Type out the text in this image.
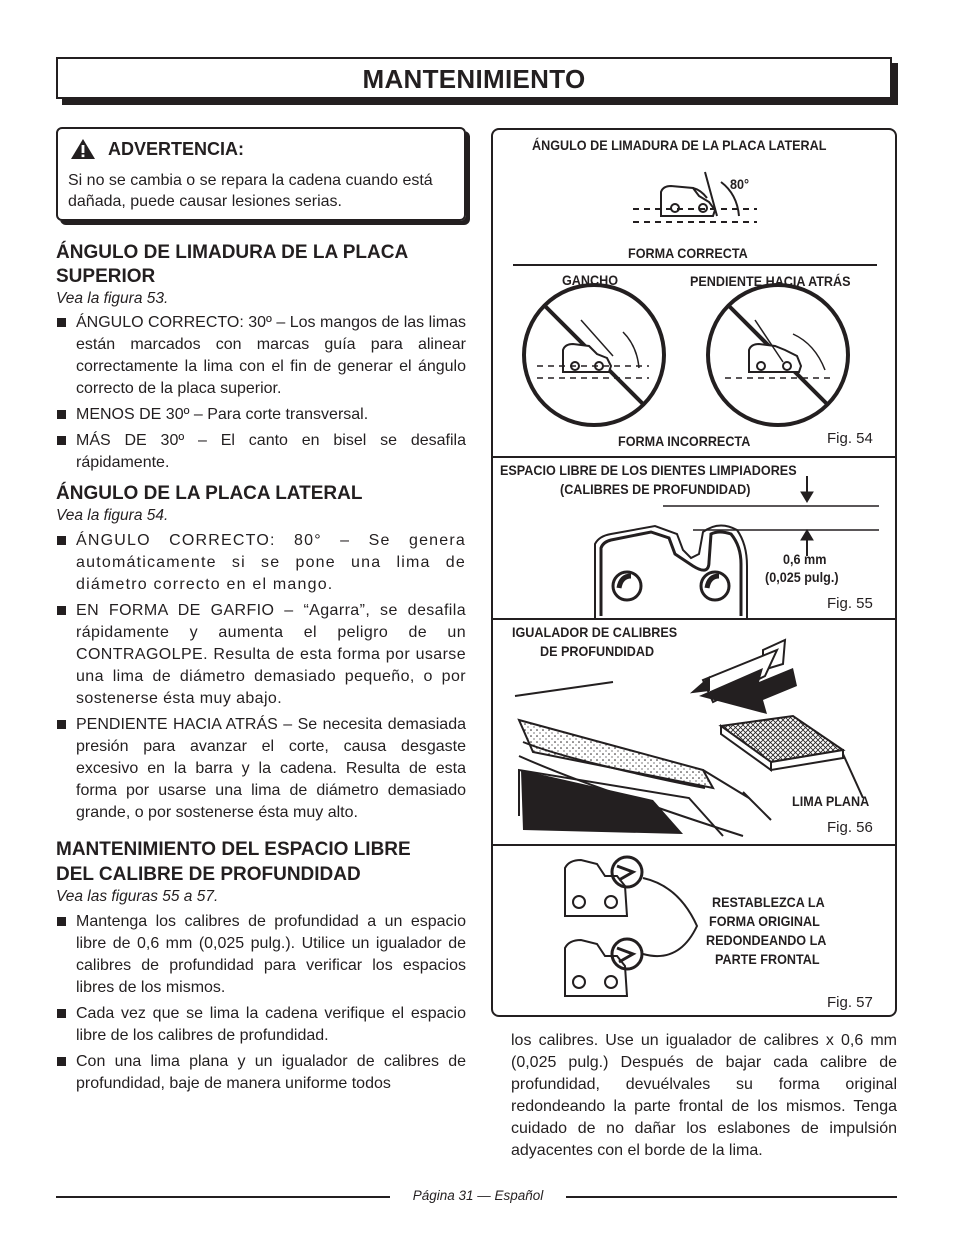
MANTENIMIENTO
ADVERTENCIA:
Si no se cambia o se repara la cadena cuando está dañada, puede causar lesiones serias.
ÁNGULO DE LIMADURA DE LA PLACA SUPERIOR
Vea la figura 53.
ÁNGULO CORRECTO: 30º – Los mangos de las limas están marcados con marcas guía para alinear correctamente la lima con el fin de generar el ángulo correcto de la placa superior.
MENOS DE 30º – Para corte transversal.
MÁS DE 30º – El canto en bisel se desafila rápidamente.
ÁNGULO DE LA PLACA LATERAL
Vea la figura 54.
ÁNGULO CORRECTO: 80° – Se genera automáticamente si se pone una lima de diámetro correcto en el mango.
EN FORMA DE GARFIO – “Agarra”, se desafila rápidamente y aumenta el peligro de un CONTRAGOLPE. Resulta de esta forma por usarse una lima de diámetro demasiado pequeño, o por sostenerse ésta muy abajo.
PENDIENTE HACIA ATRÁS – Se necesita demasiada presión para avanzar el corte, causa desgaste excesivo en la barra y la cadena. Resulta de esta forma por usarse una lima de diámetro demasiado grande, o por sostenerse ésta muy alto.
MANTENIMIENTO DEL ESPACIO LIBRE DEL CALIBRE DE PROFUNDIDAD
Vea las figuras 55 a 57.
Mantenga los calibres de profundidad a un espacio libre de 0,6 mm (0,025 pulg.). Utilice un igualador de calibres de profundidad para verificar los espacios libres de los mismos.
Cada vez que se lima la cadena verifique el espacio libre de los calibres de profundidad.
Con una lima plana y un igualador de calibres de profundidad, baje de manera uniforme todos
ÁNGULO DE LIMADURA DE LA PLACA LATERAL
80°
FORMA CORRECTA
GANCHO	PENDIENTE HACIA ATRÁS
FORMA INCORRECTA	Fig. 54
ESPACIO LIBRE DE LOS DIENTES LIMPIADORES
(CALIBRES DE PROFUNDIDAD)
0,6 mm
(0,025 pulg.)
Fig. 55
IGUALADOR DE CALIBRES
DE PROFUNDIDAD
LIMA PLANA
Fig. 56
RESTABLEZCA LA
FORMA ORIGINAL
REDONDEANDO LA
PARTE FRONTAL
Fig. 57
los calibres. Use un igualador de calibres x 0,6 mm (0,025 pulg.) Después de bajar cada calibre de profundidad, devuélvales su forma original redondeando la parte frontal de los mismos. Tenga cuidado de no dañar los eslabones de impulsión adyacentes con el borde de la lima.
Página 31 — Español
